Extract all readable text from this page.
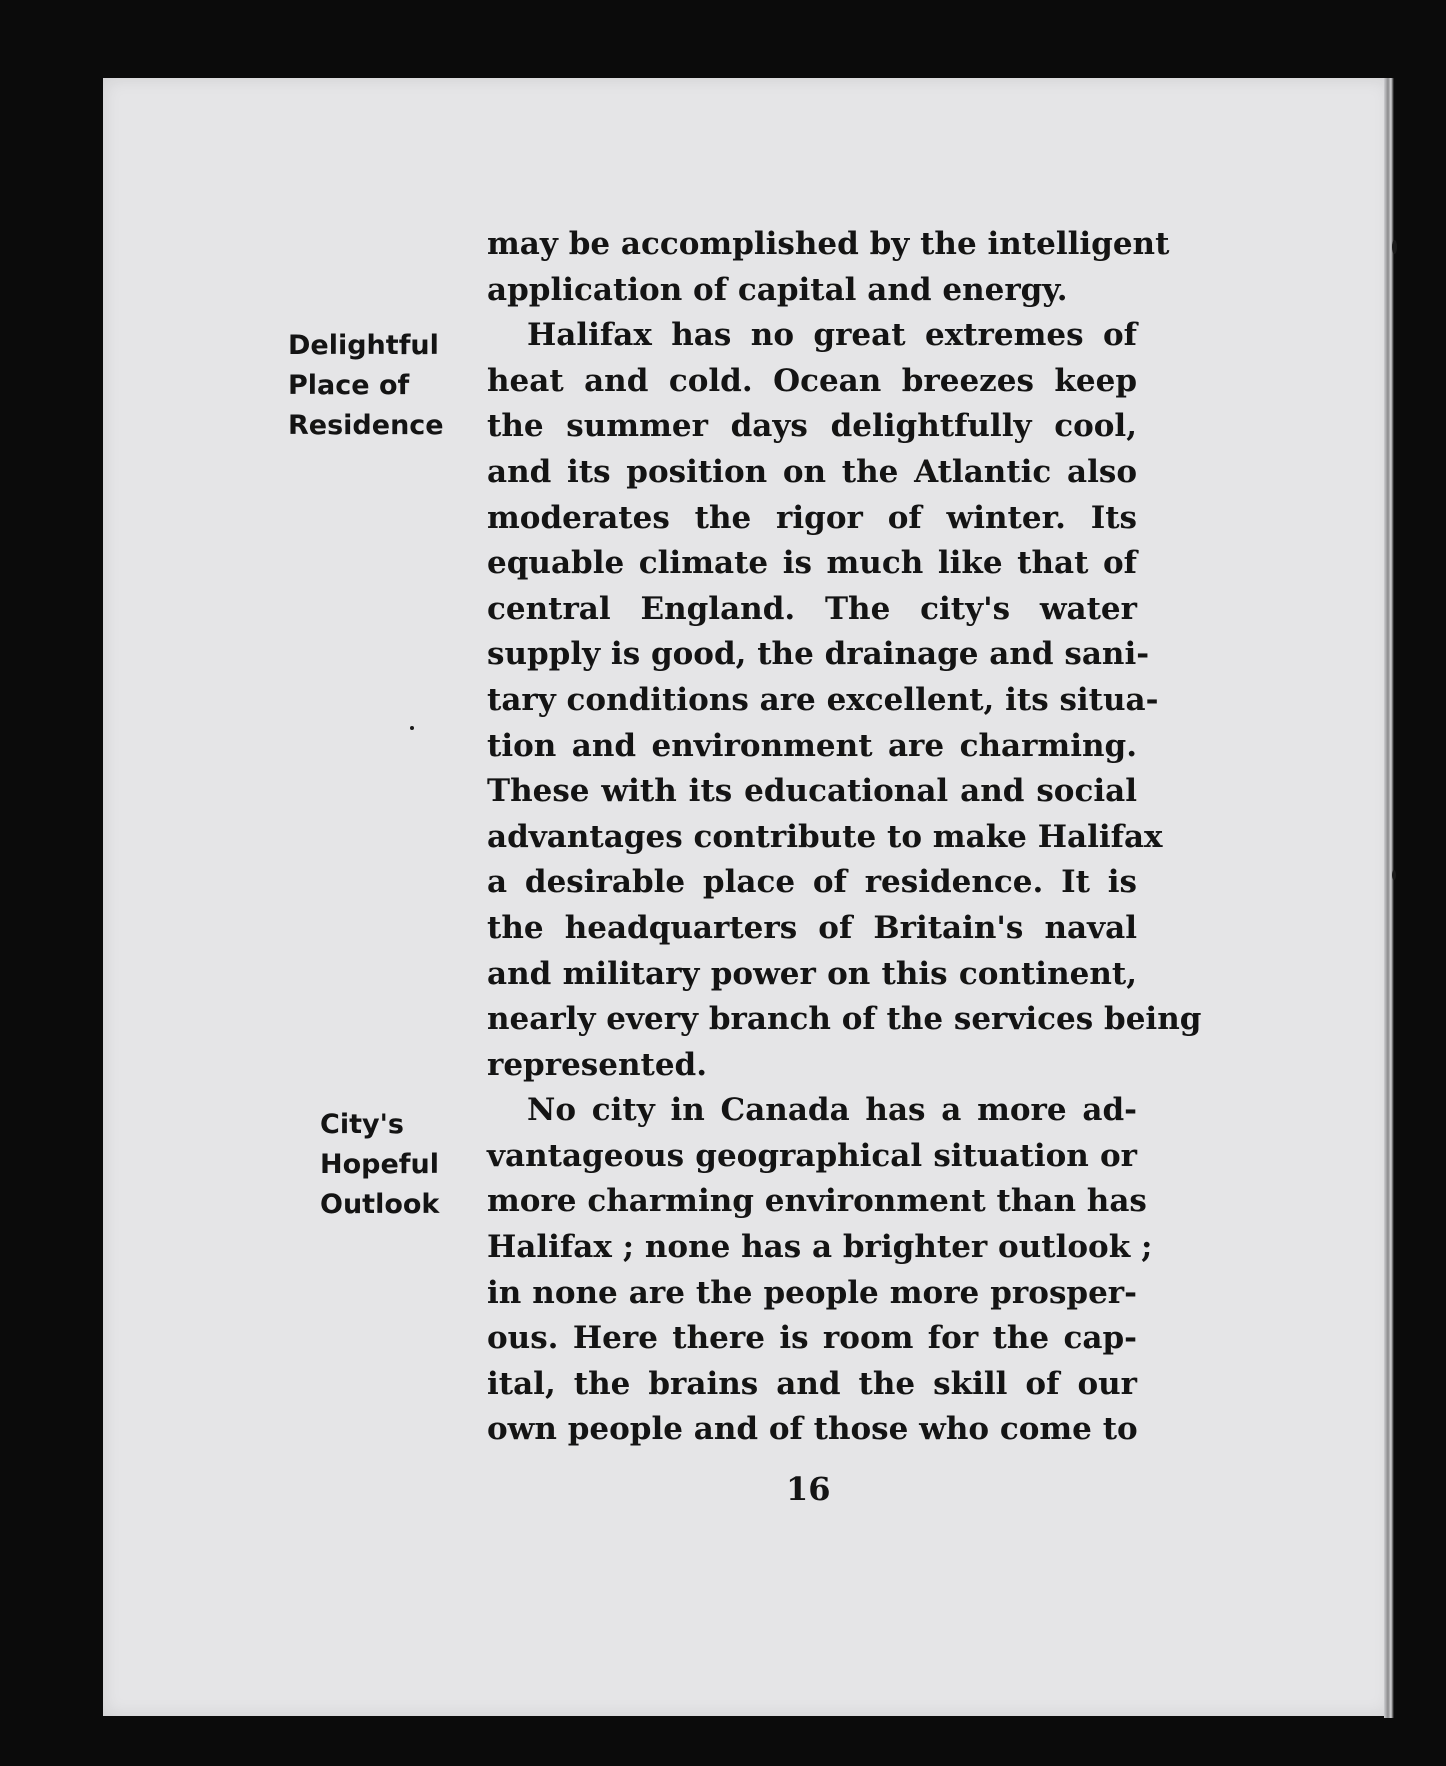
Delightful
Place of
Residence
City's
Hopeful
Outlook
may be accomplished by the intelligent
application of capital and energy.
Halifax has no great extremes of
heat and cold. Ocean breezes keep
the summer days delightfully cool,
and its position on the Atlantic also
moderates the rigor of winter. Its
equable climate is much like that of
central England. The city's water
supply is good, the drainage and sani-
tary conditions are excellent, its situa-
tion and environment are charming.
These with its educational and social
advantages contribute to make Halifax
a desirable place of residence. It is
the headquarters of Britain's naval
and military power on this continent,
nearly every branch of the services being
represented.
No city in Canada has a more ad-
vantageous geographical situation or
more charming environment than has
Halifax ; none has a brighter outlook ;
in none are the people more prosper-
ous. Here there is room for the cap-
ital, the brains and the skill of our
own people and of those who come to
16
